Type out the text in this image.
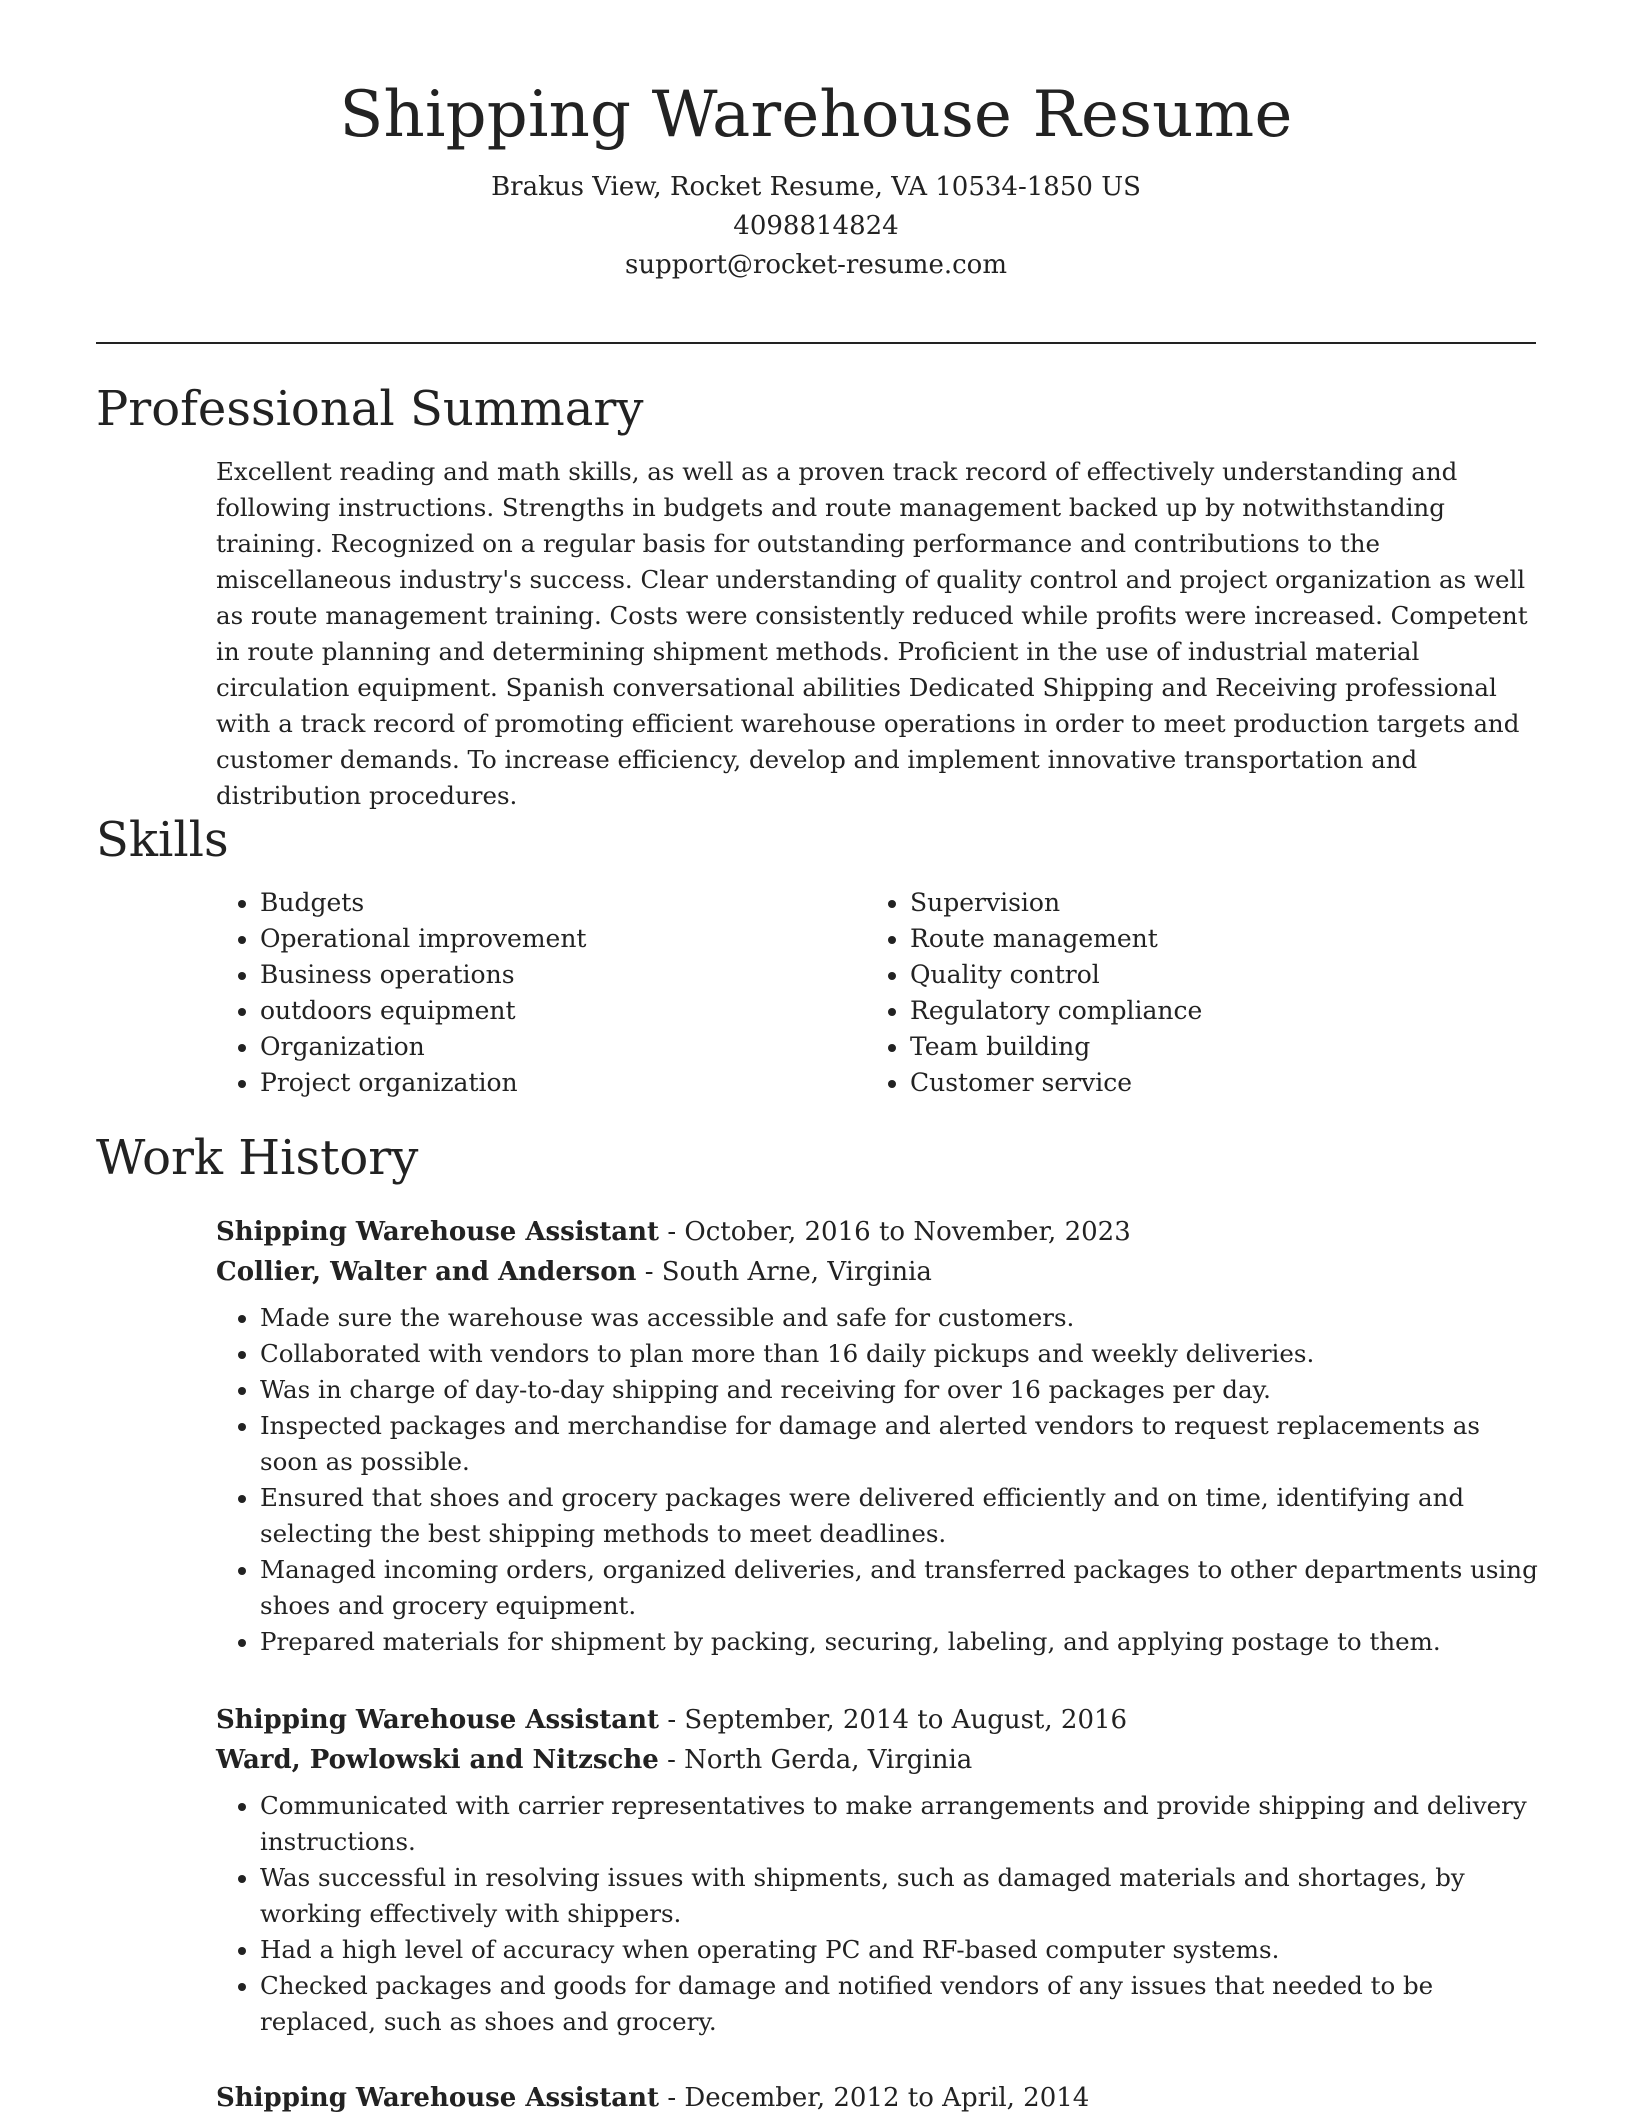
Shipping Warehouse Resume
Brakus View, Rocket Resume, VA 10534-1850 US
4098814824
support@rocket-resume.com
Professional Summary

Excellent reading and math skills, as well as a proven track record of effectively understanding and following instructions. Strengths in budgets and route management backed up by notwithstanding training. Recognized on a regular basis for outstanding performance and contributions to the miscellaneous industry's success. Clear understanding of quality control and project organization as well as route management training. Costs were consistently reduced while profits were increased. Competent in route planning and determining shipment methods. Proficient in the use of industrial material circulation equipment. Spanish conversational abilities Dedicated Shipping and Receiving professional with a track record of promoting efficient warehouse operations in order to meet production targets and customer demands. To increase efficiency, develop and implement innovative transportation and distribution procedures.

Skills
• Budgets
• Operational improvement
• Business operations
• outdoors equipment
• Organization
• Project organization
• Supervision
• Route management
• Quality control
• Regulatory compliance
• Team building
• Customer service
Work History
Shipping Warehouse Assistant - October, 2016 to November, 2023
Collier, Walter and Anderson - South Arne, Virginia
• Made sure the warehouse was accessible and safe for customers.
• Collaborated with vendors to plan more than 16 daily pickups and weekly deliveries.
• Was in charge of day-to-day shipping and receiving for over 16 packages per day.
• Inspected packages and merchandise for damage and alerted vendors to request replacements as soon as possible.
• Ensured that shoes and grocery packages were delivered efficiently and on time, identifying and selecting the best shipping methods to meet deadlines.
• Managed incoming orders, organized deliveries, and transferred packages to other departments using shoes and grocery equipment.
• Prepared materials for shipment by packing, securing, labeling, and applying postage to them.
Shipping Warehouse Assistant - September, 2014 to August, 2016
Ward, Powlowski and Nitzsche - North Gerda, Virginia
• Communicated with carrier representatives to make arrangements and provide shipping and delivery instructions.
• Was successful in resolving issues with shipments, such as damaged materials and shortages, by working effectively with shippers.
• Had a high level of accuracy when operating PC and RF-based computer systems.
• Checked packages and goods for damage and notified vendors of any issues that needed to be replaced, such as shoes and grocery.
Shipping Warehouse Assistant - December, 2012 to April, 2014
